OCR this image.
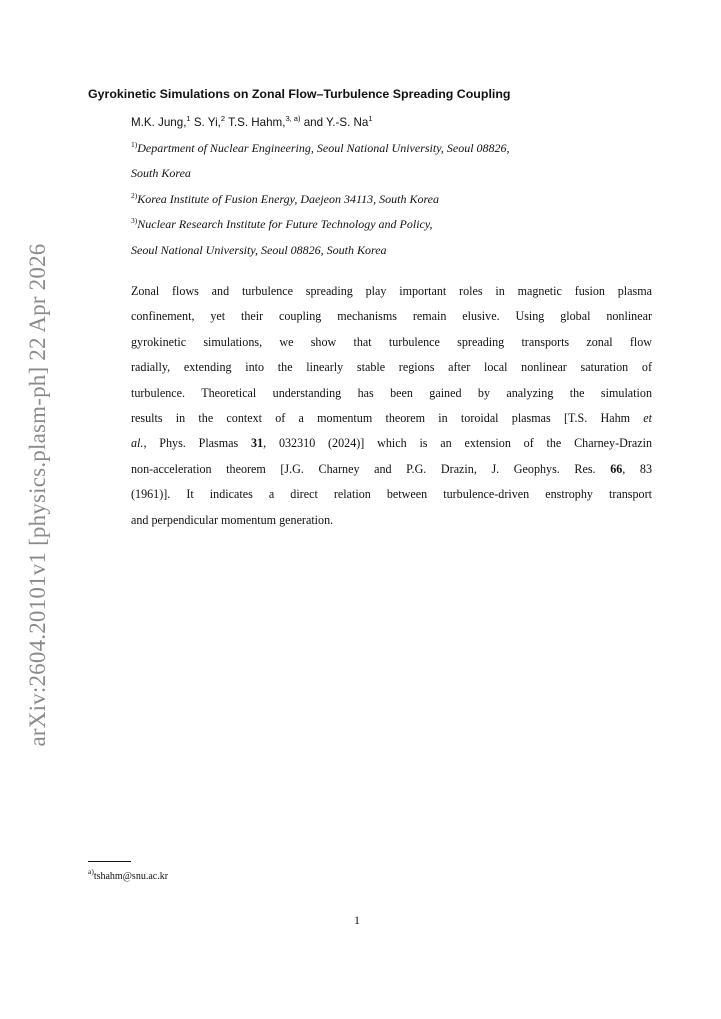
arXiv:2604.20101v1 [physics.plasm-ph] 22 Apr 2026
Gyrokinetic Simulations on Zonal Flow–Turbulence Spreading Coupling
M.K. Jung,$^1$ S. Yi,$^2$ T.S. Hahm,$^{3, a)}$ and Y.-S. Na$^1$
$^{1)}$Department of Nuclear Engineering, Seoul National University, Seoul 08826,
South Korea
$^{2)}$Korea Institute of Fusion Energy, Daejeon 34113, South Korea
$^{3)}$Nuclear Research Institute for Future Technology and Policy,
Seoul National University, Seoul 08826, South Korea
Zonal flows and turbulence spreading play important roles in magnetic fusion plasma
confinement, yet their coupling mechanisms remain elusive. Using global nonlinear
gyrokinetic simulations, we show that turbulence spreading transports zonal flow
radially, extending into the linearly stable regions after local nonlinear saturation of
turbulence. Theoretical understanding has been gained by analyzing the simulation
results in the context of a momentum theorem in toroidal plasmas [T.S. Hahm et
al., Phys. Plasmas 31, 032310 (2024)] which is an extension of the Charney-Drazin
non-acceleration theorem [J.G. Charney and P.G. Drazin, J. Geophys. Res. 66, 83
(1961)]. It indicates a direct relation between turbulence-driven enstrophy transport
and perpendicular momentum generation.
$^{a)}$tshahm@snu.ac.kr
1
